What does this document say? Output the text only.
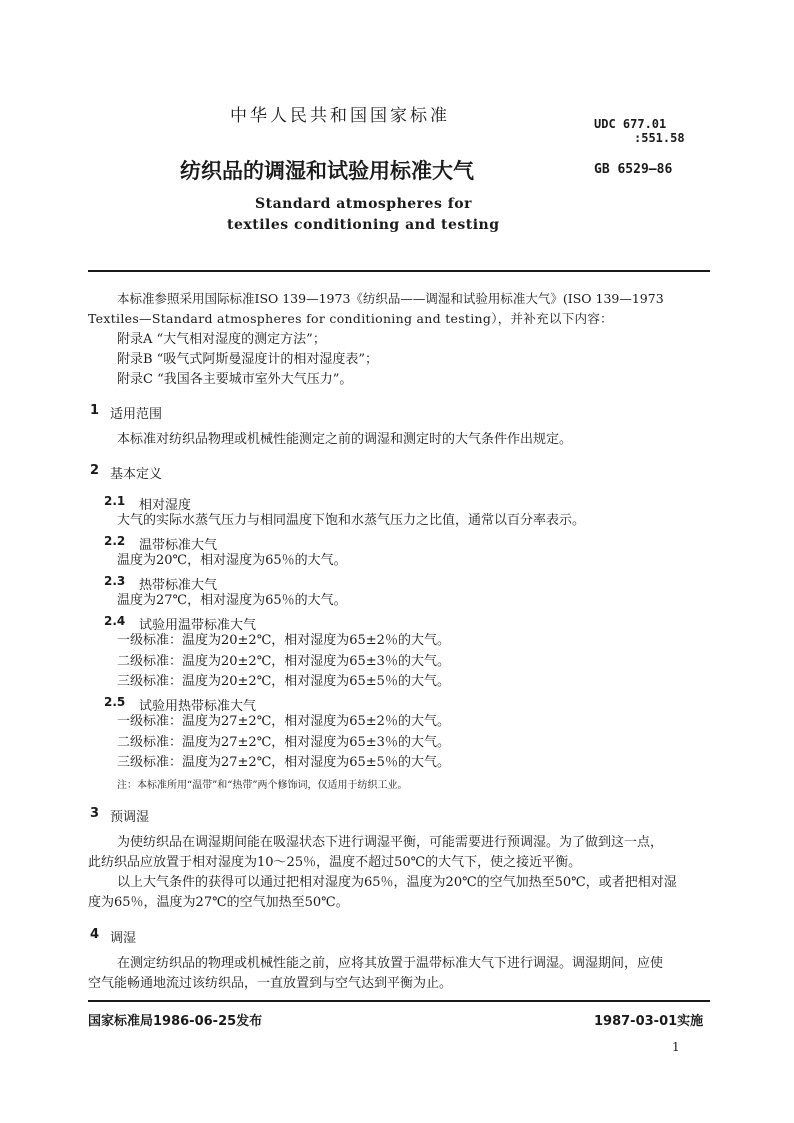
中华人民共和国国家标准	UDC 677.01
:551.58
纺织品的调湿和试验用标准大气	GB 6529—86
Standard atmospheres for
textiles conditioning and testing
本标准参照采用国际标准ISO 139—1973《纺织品——调湿和试验用标准大气》(ISO 139—1973
Textiles—Standard atmospheres for conditioning and testing），并补充以下内容：
附录A “大气相对湿度的测定方法”；
附录B “吸气式阿斯曼湿度计的相对湿度表”；
附录C “我国各主要城市室外大气压力”。
1 适用范围
本标准对纺织品物理或机械性能测定之前的调湿和测定时的大气条件作出规定。
2 基本定义
2.1 相对湿度
大气的实际水蒸气压力与相同温度下饱和水蒸气压力之比值，通常以百分率表示。
2.2 温带标准大气
温度为20℃，相对湿度为65％的大气。
2.3 热带标准大气
温度为27℃，相对湿度为65％的大气。
2.4 试验用温带标准大气
一级标准：温度为20±2℃，相对湿度为65±2％的大气。
二级标准：温度为20±2℃，相对湿度为65±3％的大气。
三级标准：温度为20±2℃，相对湿度为65±5％的大气。
2.5 试验用热带标准大气
一级标准：温度为27±2℃，相对湿度为65±2％的大气。
二级标准：温度为27±2℃，相对湿度为65±3％的大气。
三级标准：温度为27±2℃，相对湿度为65±5％的大气。
注：本标准所用“温带”和“热带”两个修饰词，仅适用于纺织工业。
3 预调湿
为使纺织品在调湿期间能在吸湿状态下进行调湿平衡，可能需要进行预调湿。为了做到这一点，
此纺织品应放置于相对湿度为10～25％，温度不超过50℃的大气下，使之接近平衡。
以上大气条件的获得可以通过把相对湿度为65％，温度为20℃的空气加热至50℃，或者把相对湿
度为65％，温度为27℃的空气加热至50℃。
4 调湿
在测定纺织品的物理或机械性能之前，应将其放置于温带标准大气下进行调湿。调湿期间，应使
空气能畅通地流过该纺织品，一直放置到与空气达到平衡为止。
国家标准局1986-06-25发布	1987-03-01实施
1
